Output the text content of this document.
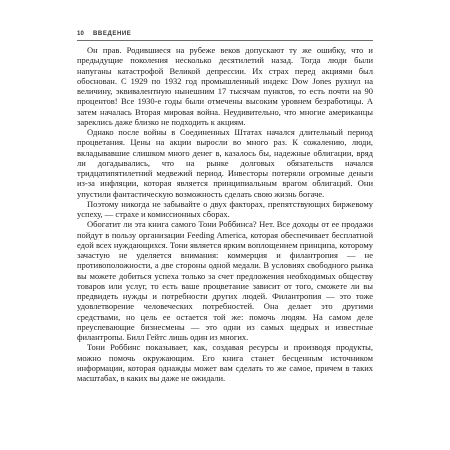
10 ВВЕДЕНИЕ

Он прав. Родившиеся на рубеже веков допускают ту же ошибку, что и предыдущие поколения несколько десятилетий назад. Тогда люди были напуганы катастрофой Великой депрессии. Их страх перед акциями был обоснован. С 1929 по 1932 год промышленный индекс Dow Jones рухнул на величину, эквивалентную нынешним 17 тысячам пунктов, то есть почти на 90 процентов! Все 1930-е годы были отмечены высоким уровнем безработицы. А затем началась Вторая мировая война. Неудивительно, что многие американцы зареклись даже близко не подходить к акциям.

Однако после войны в Соединенных Штатах начался длительный период процветания. Цены на акции выросли во много раз. К сожалению, люди, вкладывавшие слишком много денег в, казалось бы, надежные облигации, вряд ли догадывались, что на рынке долговых обязательств начался тридцатипятилетний медвежий период. Инвесторы потеряли огромные деньги из-за инфляции, которая является принципиальным врагом облигаций. Они упустили фантастическую возможность сделать свою жизнь богаче.

Поэтому никогда не забывайте о двух факторах, препятствующих биржевому успеху, — страхе и комиссионных сборах.

Обогатит ли эта книга самого Тони Роббинса? Нет. Все доходы от ее продажи пойдут в пользу организации Feeding America, которая обеспечивает бесплатной едой всех нуждающихся. Тони является ярким воплощением принципа, которому зачастую не уделяется внимания: коммерция и филантропия — не противоположности, а две стороны одной медали. В условиях свободного рынка вы можете добиться успеха только за счет предложения необходимых обществу товаров или услуг, то есть ваше процветание зависит от того, сможете ли вы предвидеть нужды и потребности других людей. Филантропия — это тоже удовлетворение человеческих потребностей. Она делает это другими средствами, но цель ее остается той же: помочь людям. На самом деле преуспевающие бизнесмены — это одни из самых щедрых и известные филантропы. Билл Гейтс лишь один из многих.

Тони Роббинс показывает, как, создавая ресурсы и производя продукты, можно помочь окружающим. Его книга станет бесценным источником информации, которая однажды может вам сделать то же самое, причем в таких масштабах, в каких вы даже не ожидали.
